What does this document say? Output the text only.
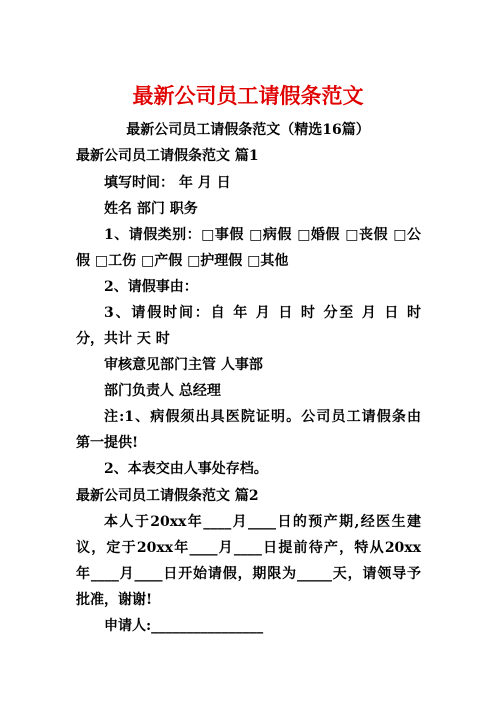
最新公司员工请假条范文
最新公司员工请假条范文（精选16篇）
最新公司员工请假条范文 篇1
填写时间： 年 月 日
姓名 部门 职务
1、请假类别：□事假 □病假 □婚假 □丧假 □公
假 □工伤 □产假 □护理假 □其他
2、请假事由：
3、请假时间：自 年 月 日 时 分至 月 日 时
分，共计 天 时
审核意见部门主管 人事部
部门负责人 总经理
注:1、病假须出具医院证明。公司员工请假条由
第一提供!
2、本表交由人事处存档。
最新公司员工请假条范文 篇2
本人于20xx年____月____日的预产期,经医生建
议，定于20xx年____月____日提前待产，特从20xx
年____月____日开始请假，期限为_____天，请领导予
批准，谢谢!
申请人:________________
